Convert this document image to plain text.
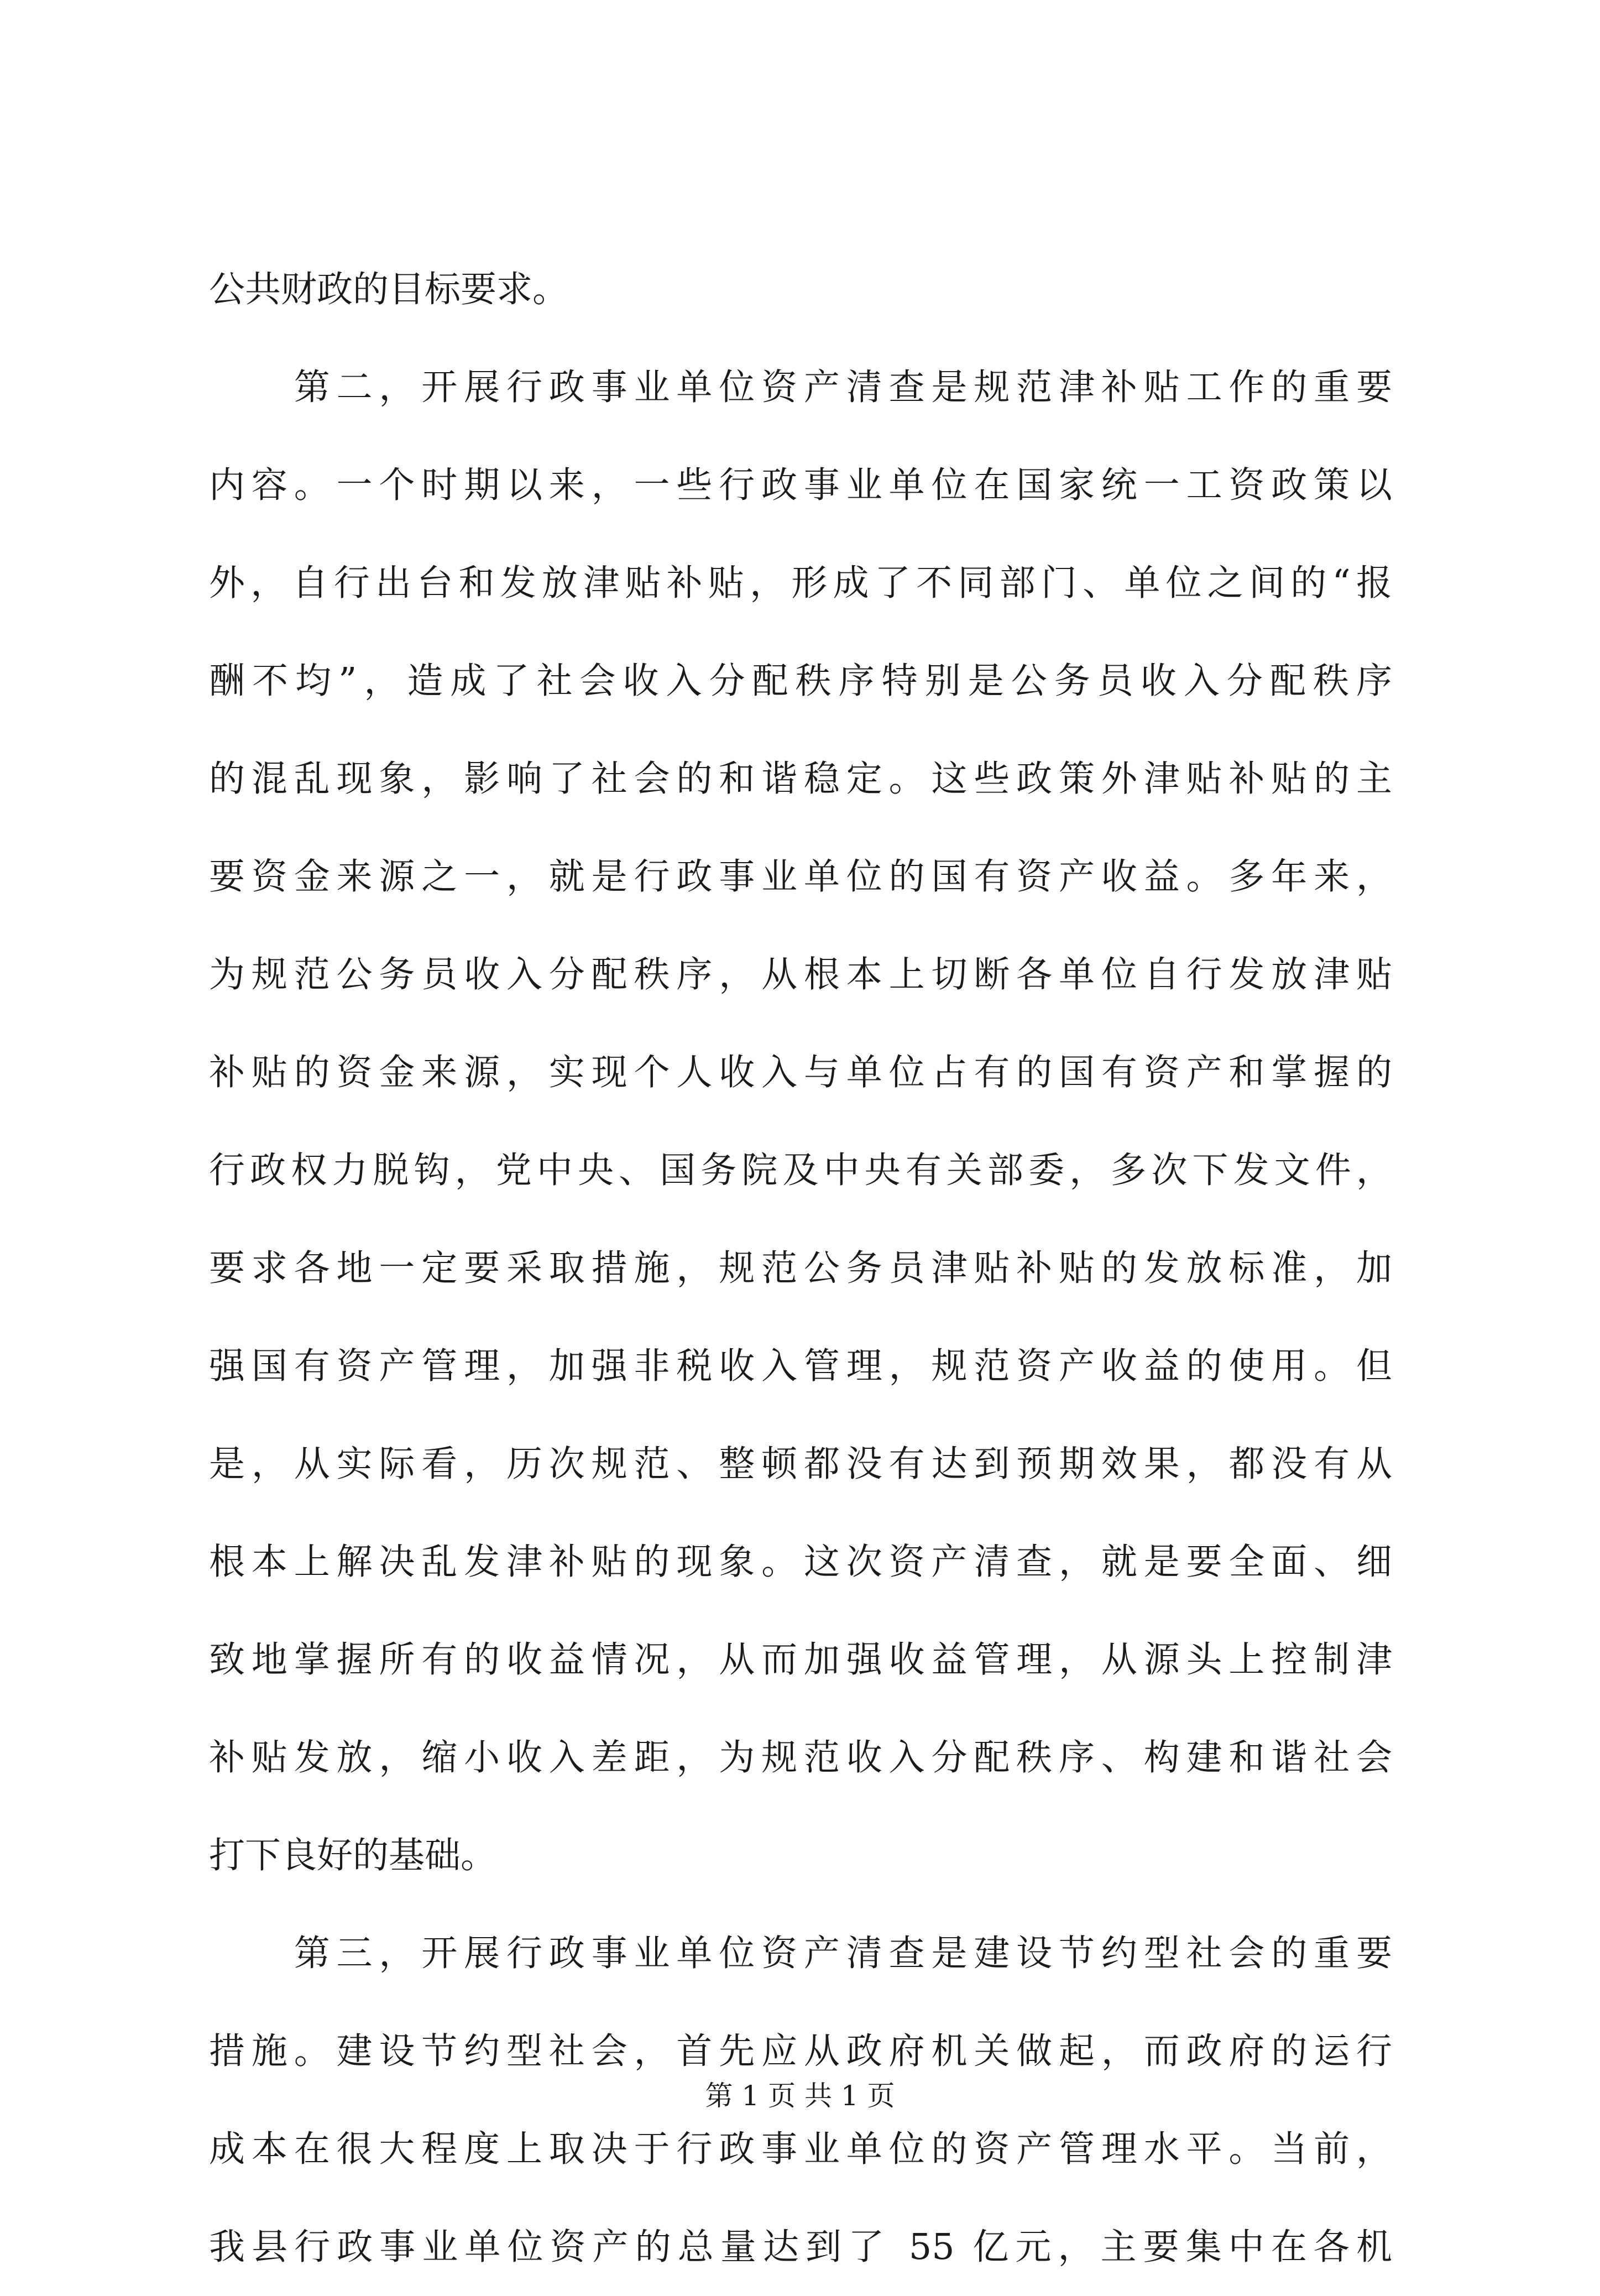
公共财政的目标要求。
　　第二，开展行政事业单位资产清查是规范津补贴工作的重要
内容。一个时期以来，一些行政事业单位在国家统一工资政策以
外，自行出台和发放津贴补贴，形成了不同部门、单位之间的“报
酬不均”，造成了社会收入分配秩序特别是公务员收入分配秩序
的混乱现象，影响了社会的和谐稳定。这些政策外津贴补贴的主
要资金来源之一，就是行政事业单位的国有资产收益。多年来，
为规范公务员收入分配秩序，从根本上切断各单位自行发放津贴
补贴的资金来源，实现个人收入与单位占有的国有资产和掌握的
行政权力脱钩，党中央、国务院及中央有关部委，多次下发文件，
要求各地一定要采取措施，规范公务员津贴补贴的发放标准，加
强国有资产管理，加强非税收入管理，规范资产收益的使用。但
是，从实际看，历次规范、整顿都没有达到预期效果，都没有从
根本上解决乱发津补贴的现象。这次资产清查，就是要全面、细
致地掌握所有的收益情况，从而加强收益管理，从源头上控制津
补贴发放，缩小收入差距，为规范收入分配秩序、构建和谐社会
打下良好的基础。
　　第三，开展行政事业单位资产清查是建设节约型社会的重要
措施。建设节约型社会，首先应从政府机关做起，而政府的运行
成本在很大程度上取决于行政事业单位的资产管理水平。当前，
我县行政事业单位资产的总量达到了 55 亿元，主要集中在各机
第 1 页 共 1 页
